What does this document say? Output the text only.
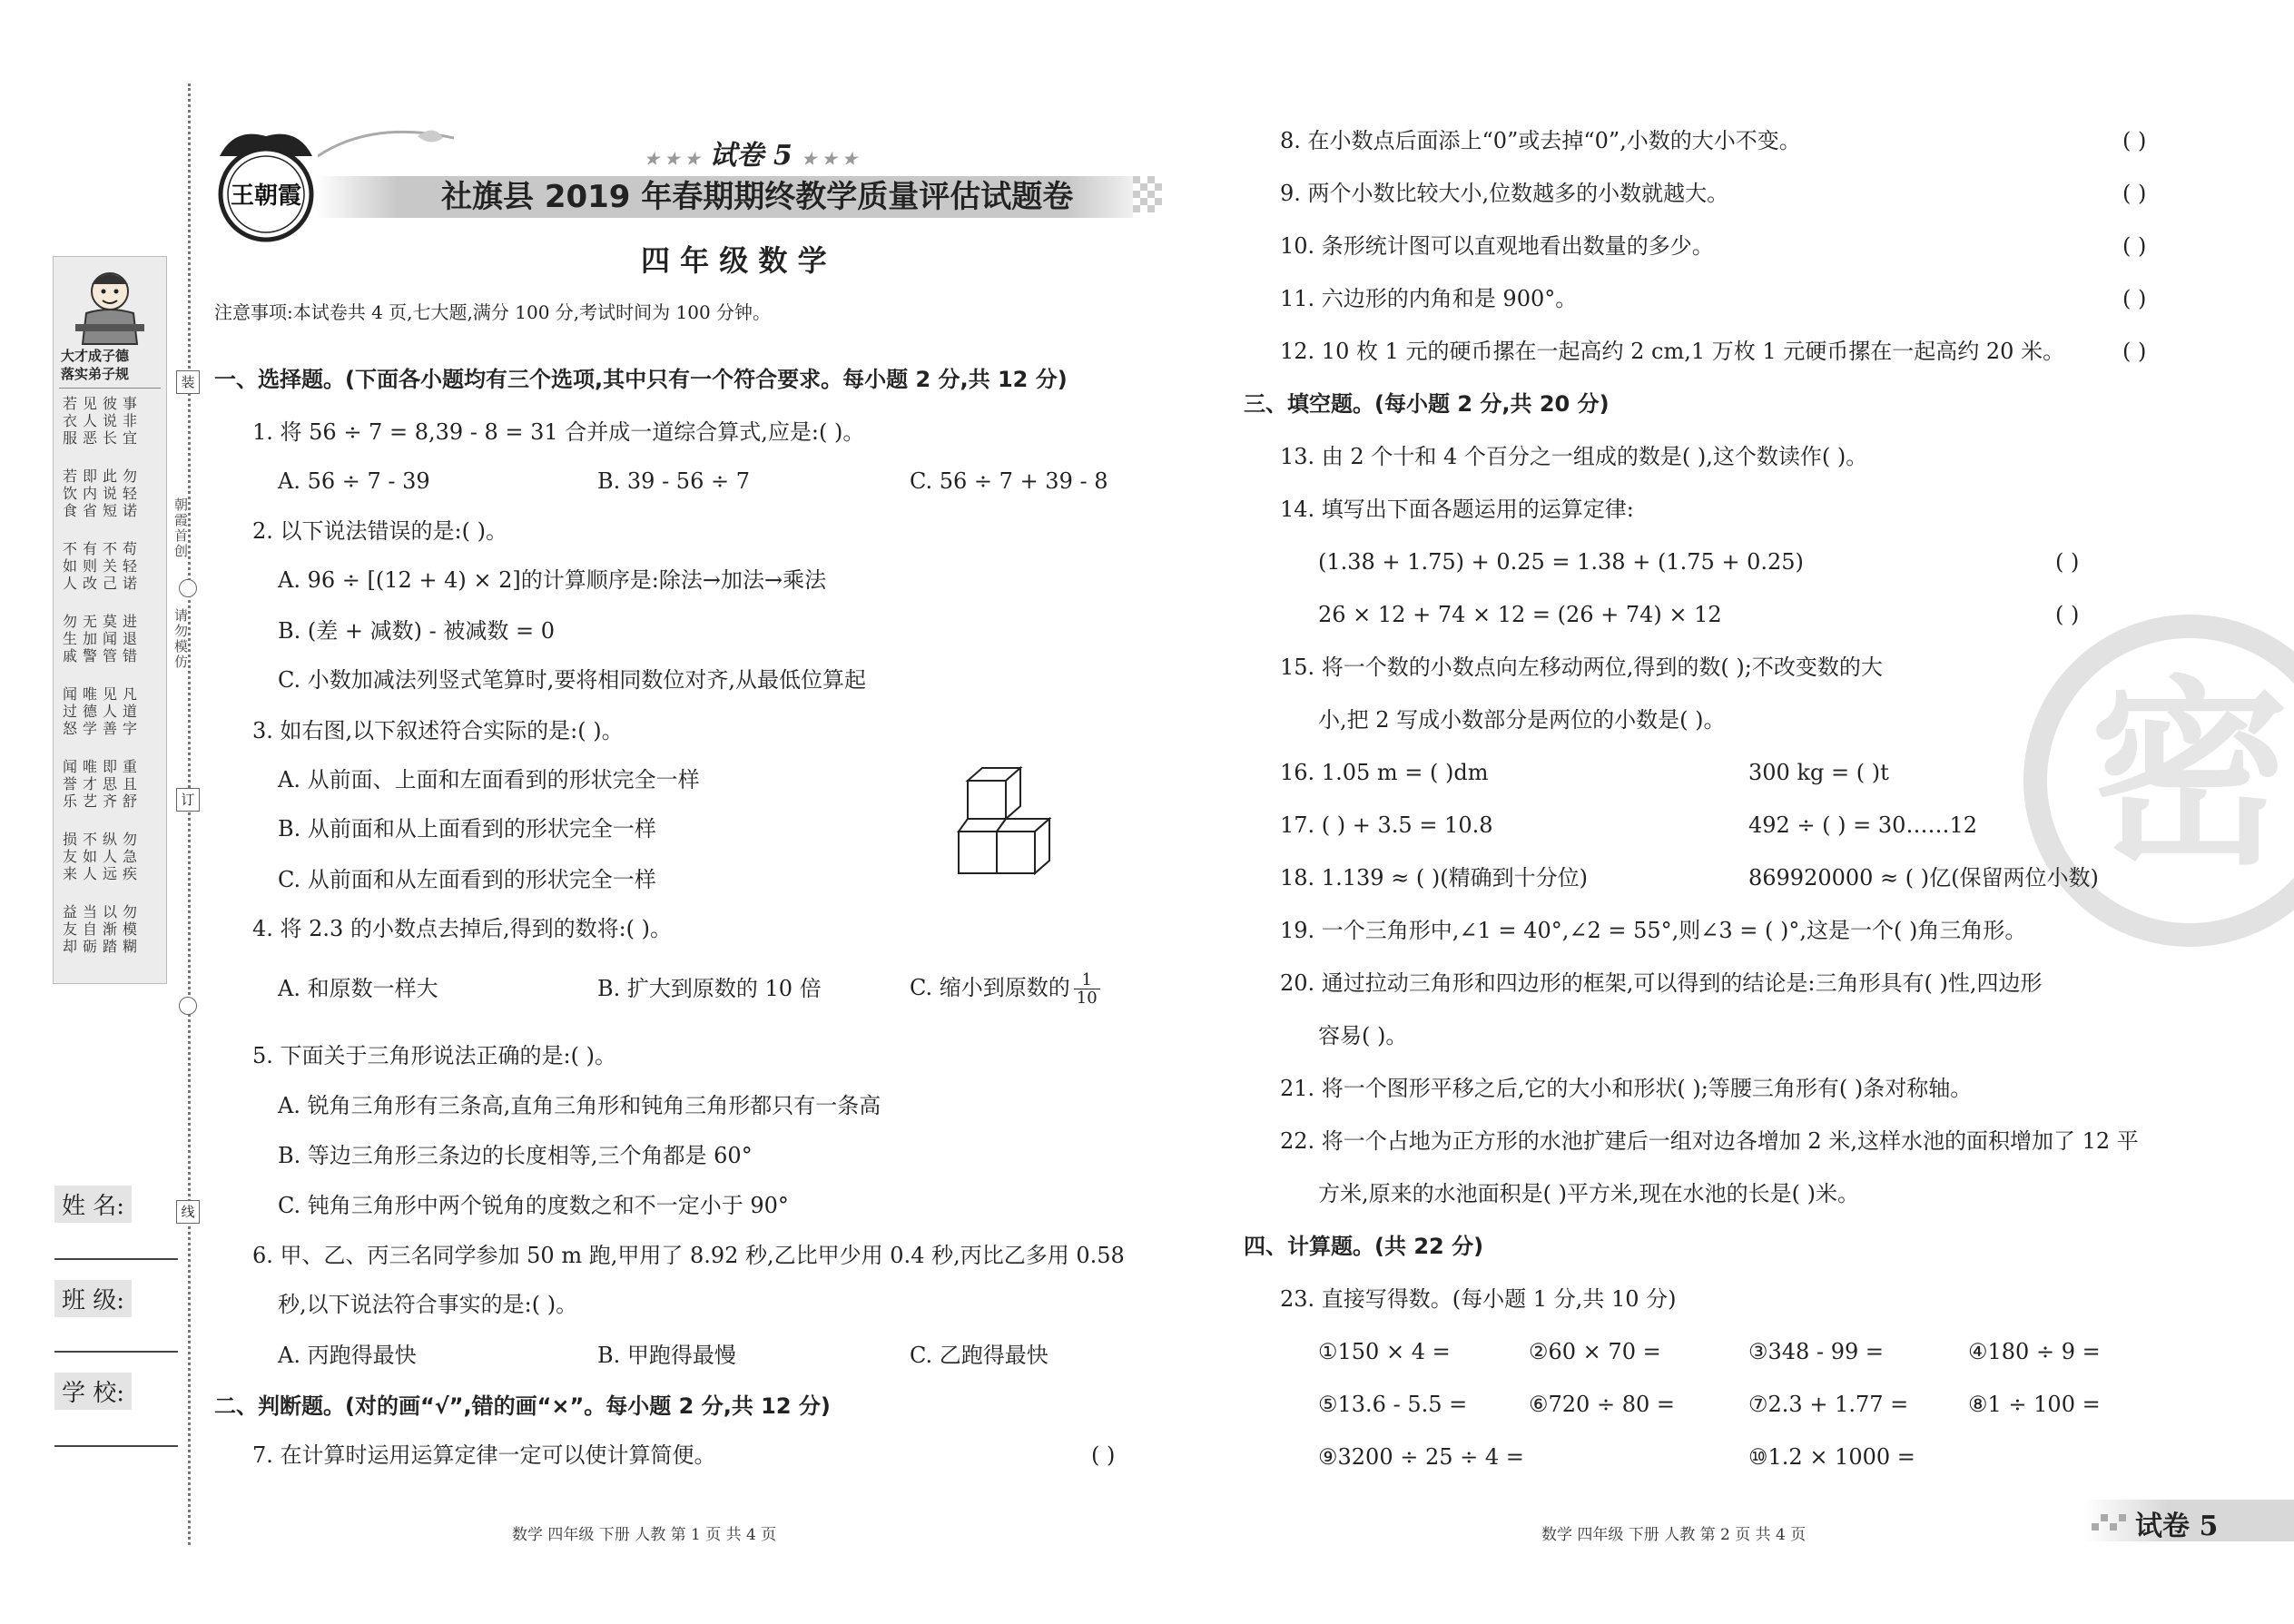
大才成子德
落实弟子规
若见彼事
衣人说非
服恶长宜
若即此勿
饮内说轻
食省短诺
不有不苟
如则关轻
人改己诺
勿无莫进
生加闻退
戚警管错
闻唯见凡
过德人道
怒学善字
闻唯即重
誉才思且
乐艺齐舒
损不纵勿
友如人急
来人远疾
益当以勿
友自渐模
却砺踏糊
装
朝霞首创
请勿模仿
订
线
姓 名:
班 级:
学 校:
王朝霞
★ ★ ★ 试卷 5 ★ ★ ★
社旗县 2019 年春期期终教学质量评估试题卷
四 年 级 数 学
注意事项:本试卷共 4 页,七大题,满分 100 分,考试时间为 100 分钟。
一、选择题。(下面各小题均有三个选项,其中只有一个符合要求。每小题 2 分,共 12 分)
1. 将 56 ÷ 7 = 8,39 - 8 = 31 合并成一道综合算式,应是:( )。
A. 56 ÷ 7 - 39	B. 39 - 56 ÷ 7	C. 56 ÷ 7 + 39 - 8
2. 以下说法错误的是:( )。
A. 96 ÷ [(12 + 4) × 2]的计算顺序是:除法→加法→乘法
B. (差 + 减数) - 被减数 = 0
C. 小数加减法列竖式笔算时,要将相同数位对齐,从最低位算起
3. 如右图,以下叙述符合实际的是:( )。
A. 从前面、上面和左面看到的形状完全一样
B. 从前面和从上面看到的形状完全一样
C. 从前面和从左面看到的形状完全一样
4. 将 2.3 的小数点去掉后,得到的数将:( )。
A. 和原数一样大	B. 扩大到原数的 10 倍	C. 缩小到原数的 $\frac{1}{10}$
5. 下面关于三角形说法正确的是:( )。
A. 锐角三角形有三条高,直角三角形和钝角三角形都只有一条高
B. 等边三角形三条边的长度相等,三个角都是 60°
C. 钝角三角形中两个锐角的度数之和不一定小于 90°
6. 甲、乙、丙三名同学参加 50 m 跑,甲用了 8.92 秒,乙比甲少用 0.4 秒,丙比乙多用 0.58
秒,以下说法符合事实的是:( )。
A. 丙跑得最快	B. 甲跑得最慢	C. 乙跑得最快
二、判断题。(对的画“√”,错的画“×”。每小题 2 分,共 12 分)
7. 在计算时运用运算定律一定可以使计算简便。	( )
数学 四年级 下册 人教 第 1 页 共 4 页
密
8. 在小数点后面添上“0”或去掉“0”,小数的大小不变。	( )
9. 两个小数比较大小,位数越多的小数就越大。	( )
10. 条形统计图可以直观地看出数量的多少。	( )
11. 六边形的内角和是 900°。	( )
12. 10 枚 1 元的硬币摞在一起高约 2 cm,1 万枚 1 元硬币摞在一起高约 20 米。	( )
三、填空题。(每小题 2 分,共 20 分)
13. 由 2 个十和 4 个百分之一组成的数是( ),这个数读作( )。
14. 填写出下面各题运用的运算定律:
(1.38 + 1.75) + 0.25 = 1.38 + (1.75 + 0.25)	( )
26 × 12 + 74 × 12 = (26 + 74) × 12	( )
15. 将一个数的小数点向左移动两位,得到的数( );不改变数的大
小,把 2 写成小数部分是两位的小数是( )。
16. 1.05 m = ( )dm	300 kg = ( )t
17. ( ) + 3.5 = 10.8	492 ÷ ( ) = 30……12
18. 1.139 ≈ ( )(精确到十分位)	869920000 ≈ ( )亿(保留两位小数)
19. 一个三角形中,∠1 = 40°,∠2 = 55°,则∠3 = ( )°,这是一个( )角三角形。
20. 通过拉动三角形和四边形的框架,可以得到的结论是:三角形具有( )性,四边形
容易( )。
21. 将一个图形平移之后,它的大小和形状( );等腰三角形有( )条对称轴。
22. 将一个占地为正方形的水池扩建后一组对边各增加 2 米,这样水池的面积增加了 12 平
方米,原来的水池面积是( )平方米,现在水池的长是( )米。
四、计算题。(共 22 分)
23. 直接写得数。(每小题 1 分,共 10 分)
①150 × 4 =	②60 × 70 =	③348 - 99 =	④180 ÷ 9 =
⑤13.6 - 5.5 =	⑥720 ÷ 80 =	⑦2.3 + 1.77 =	⑧1 ÷ 100 =
⑨3200 ÷ 25 ÷ 4 =	⑩1.2 × 1000 =
数学 四年级 下册 人教 第 2 页 共 4 页	试卷 5
